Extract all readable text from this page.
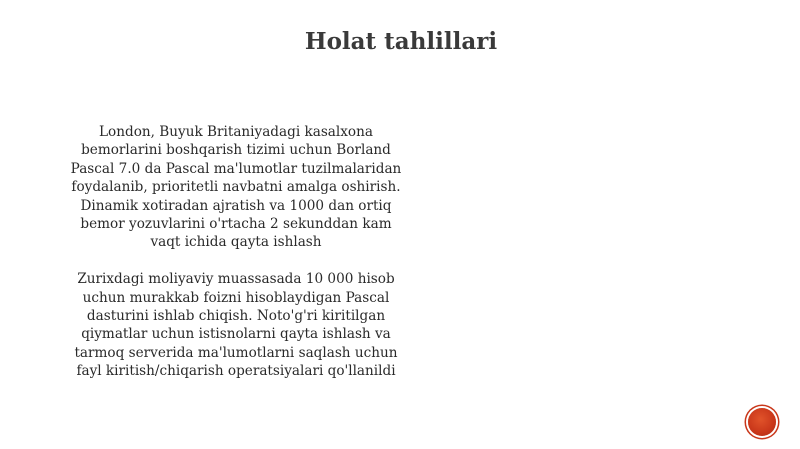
Holat tahlillari

London, Buyuk Britaniyadagi kasalxona
bemorlarini boshqarish tizimi uchun Borland
Pascal 7.0 da Pascal ma'lumotlar tuzilmalaridan
foydalanib, prioritetli navbatni amalga oshirish.
Dinamik xotiradan ajratish va 1000 dan ortiq
bemor yozuvlarini o'rtacha 2 sekunddan kam
vaqt ichida qayta ishlash

Zurixdagi moliyaviy muassasada 10 000 hisob
uchun murakkab foizni hisoblaydigan Pascal
dasturini ishlab chiqish. Noto'g'ri kiritilgan
qiymatlar uchun istisnolarni qayta ishlash va
tarmoq serverida ma'lumotlarni saqlash uchun
fayl kiritish/chiqarish operatsiyalari qo'llanildi
